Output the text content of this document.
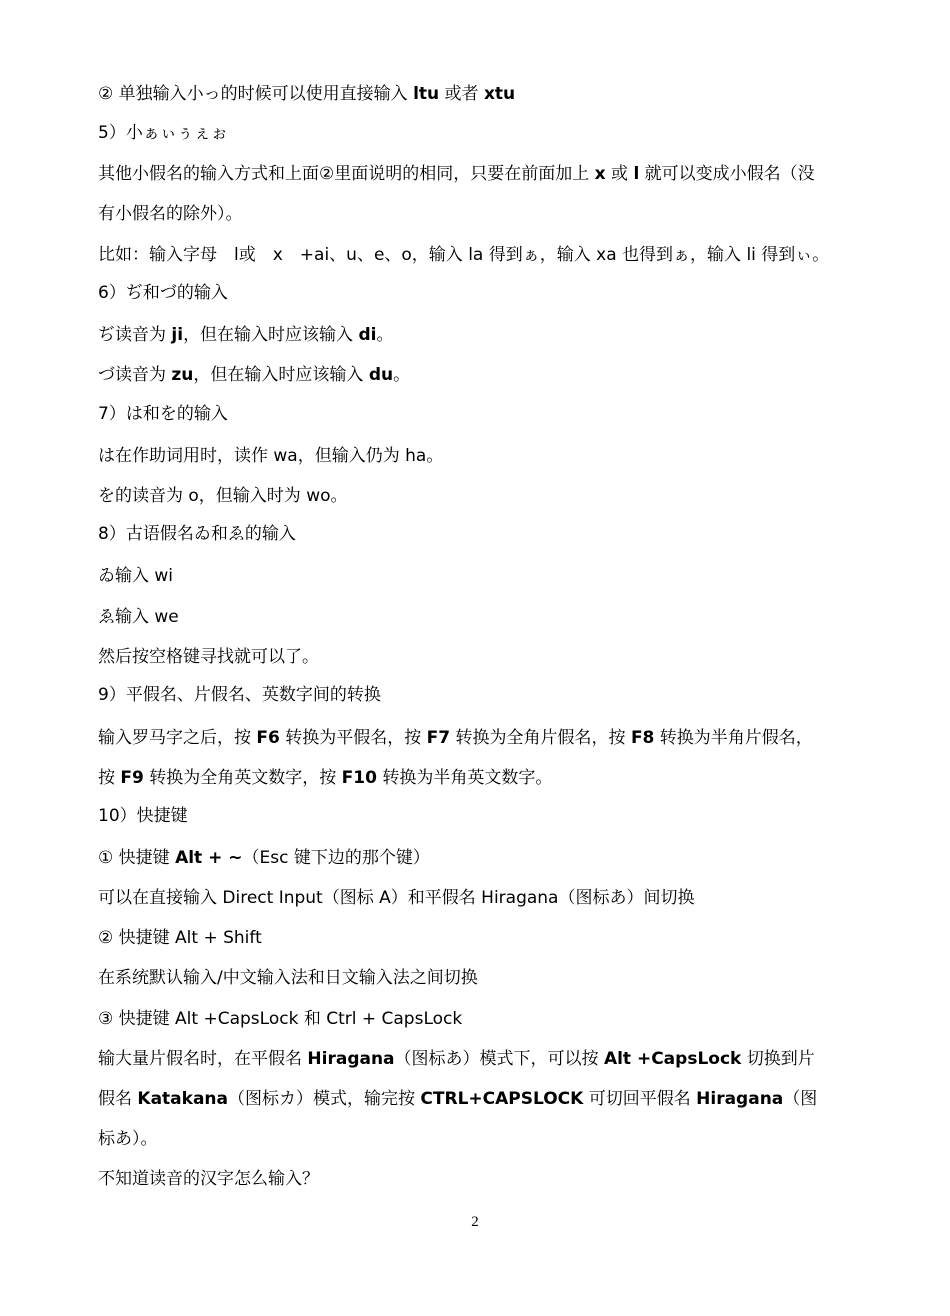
② 单独输入小っ的时候可以使用直接输入 ltu 或者 xtu
5）小ぁぃぅぇぉ
其他小假名的输入方式和上面②里面说明的相同，只要在前面加上 x 或 l 就可以变成小假名（没
有小假名的除外）。
比如：输入字母　l或　x　+ai、u、e、o，输入 la 得到ぁ，输入 xa 也得到ぁ，输入 li 得到ぃ。
6）ぢ和づ的输入
ぢ读音为 ji，但在输入时应该输入 di。
づ读音为 zu，但在输入时应该输入 du。
7）は和を的输入
は在作助词用时，读作 wa，但输入仍为 ha。
を的读音为 o，但输入时为 wo。
8）古语假名ゐ和ゑ的输入
ゐ输入 wi
ゑ输入 we
然后按空格键寻找就可以了。
9）平假名、片假名、英数字间的转换
输入罗马字之后，按 F6 转换为平假名，按 F7 转换为全角片假名，按 F8 转换为半角片假名，
按 F9 转换为全角英文数字，按 F10 转换为半角英文数字。
10）快捷键
① 快捷键 Alt + ~（Esc 键下边的那个键）
可以在直接输入 Direct Input（图标 A）和平假名 Hiragana（图标あ）间切换
② 快捷键 Alt + Shift
在系统默认输入/中文输入法和日文输入法之间切换
③ 快捷键 Alt +CapsLock 和 Ctrl + CapsLock
输大量片假名时，在平假名 Hiragana（图标あ）模式下，可以按 Alt +CapsLock 切换到片
假名 Katakana（图标カ）模式，输完按 CTRL+CAPSLOCK 可切回平假名 Hiragana（图
标あ）。
不知道读音的汉字怎么输入？
2
